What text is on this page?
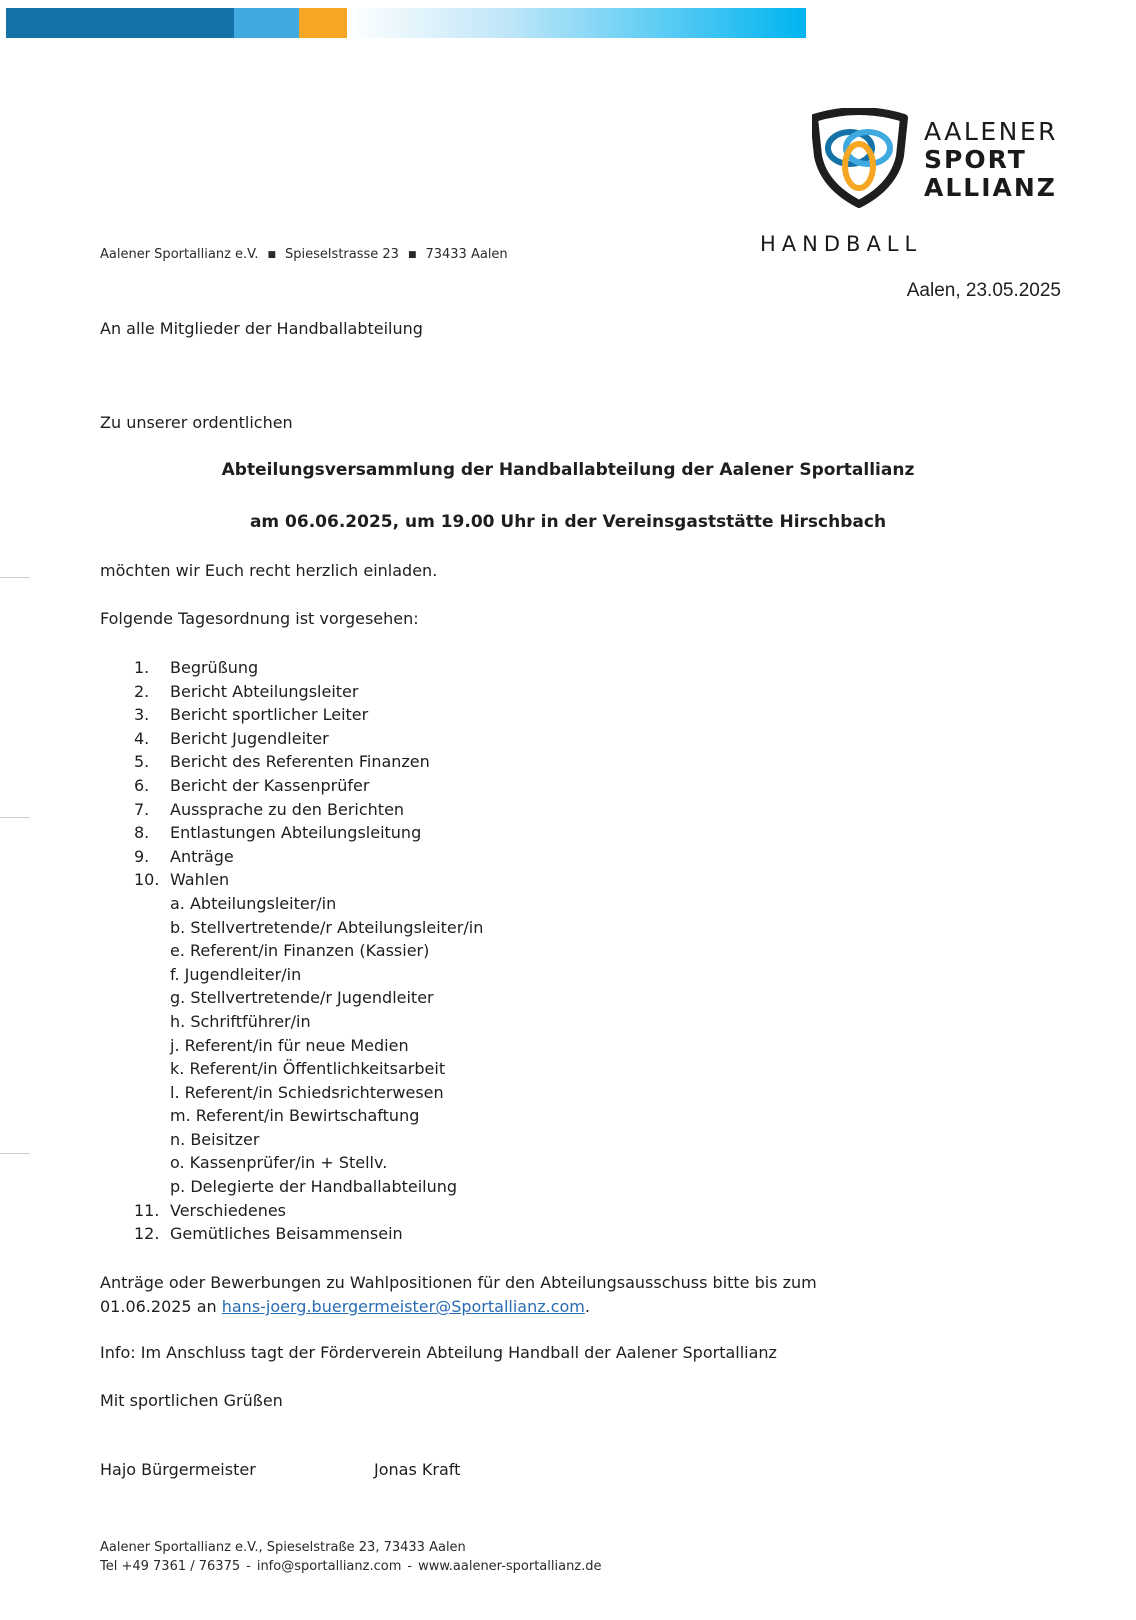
AALENER
SPORT
ALLIANZ
HANDBALL
Aalener Sportallianz e.V. ■ Spieselstrasse 23 ■ 73433 Aalen
Aalen, 23.05.2025
An alle Mitglieder der Handballabteilung
Zu unserer ordentlichen
Abteilungsversammlung der Handballabteilung der Aalener Sportallianz
am 06.06.2025, um 19.00 Uhr in der Vereinsgaststätte Hirschbach
möchten wir Euch recht herzlich einladen.
Folgende Tagesordnung ist vorgesehen:
1. Begrüßung
2. Bericht Abteilungsleiter
3. Bericht sportlicher Leiter
4. Bericht Jugendleiter
5. Bericht des Referenten Finanzen
6. Bericht der Kassenprüfer
7. Aussprache zu den Berichten
8. Entlastungen Abteilungsleitung
9. Anträge
10. Wahlen
a. Abteilungsleiter/in
b. Stellvertretende/r Abteilungsleiter/in
e. Referent/in Finanzen (Kassier)
f. Jugendleiter/in
g. Stellvertretende/r Jugendleiter
h. Schriftführer/in
j. Referent/in für neue Medien
k. Referent/in Öffentlichkeitsarbeit
l. Referent/in Schiedsrichterwesen
m. Referent/in Bewirtschaftung
n. Beisitzer
o. Kassenprüfer/in + Stellv.
p. Delegierte der Handballabteilung
11. Verschiedenes
12. Gemütliches Beisammensein
Anträge oder Bewerbungen zu Wahlpositionen für den Abteilungsausschuss bitte bis zum
01.06.2025 an hans-joerg.buergermeister@Sportallianz.com.
Info: Im Anschluss tagt der Förderverein Abteilung Handball der Aalener Sportallianz
Mit sportlichen Grüßen
Hajo Bürgermeister	Jonas Kraft
Aalener Sportallianz e.V., Spieselstraße 23, 73433 Aalen
Tel +49 7361 / 76375 - info@sportallianz.com - www.aalener-sportallianz.de
